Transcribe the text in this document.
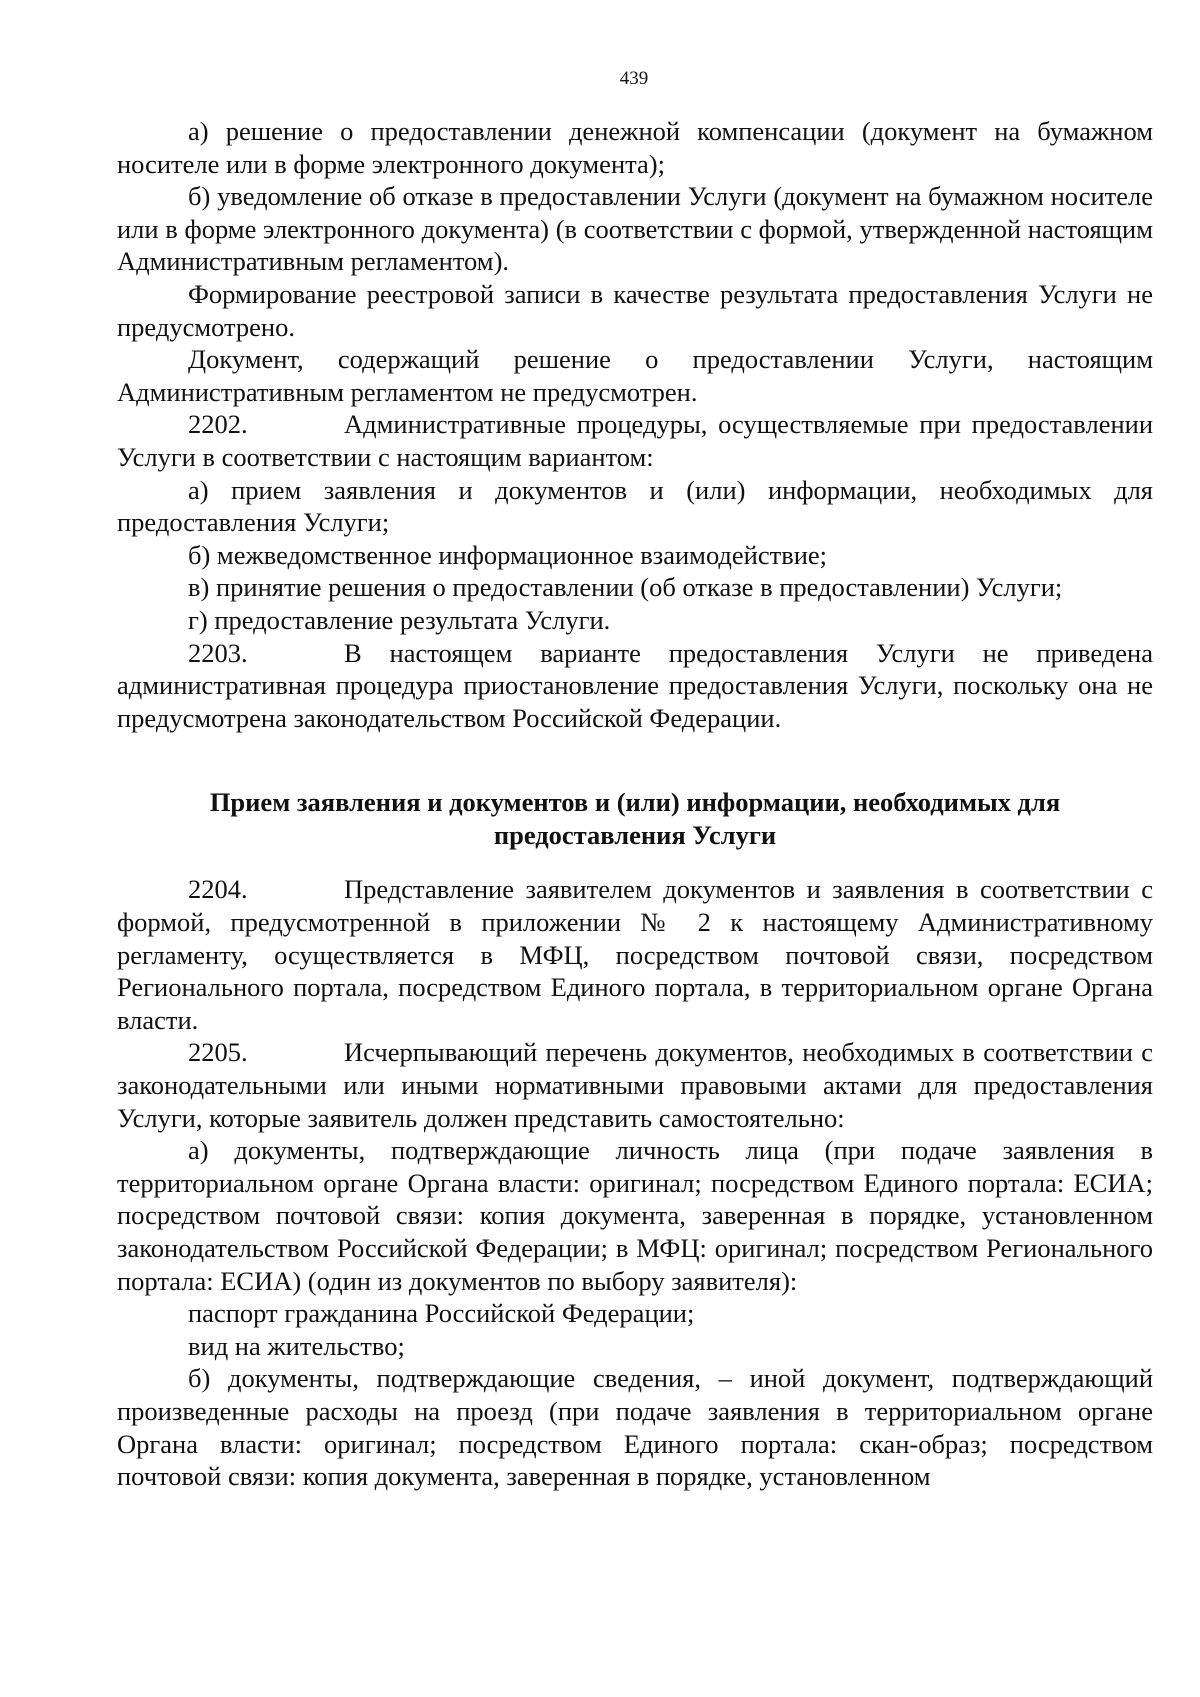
439

а) решение о предоставлении денежной компенсации (документ на бумажном носителе или в форме электронного документа);

б) уведомление об отказе в предоставлении Услуги (документ на бумажном носителе или в форме электронного документа) (в соответствии с формой, утвержденной настоящим Административным регламентом).

Формирование реестровой записи в качестве результата предоставления Услуги не предусмотрено.

Документ, содержащий решение о предоставлении Услуги, настоящим Административным регламентом не предусмотрен.

2202.	Административные процедуры, осуществляемые при предоставлении Услуги в соответствии с настоящим вариантом:

а) прием заявления и документов и (или) информации, необходимых для предоставления Услуги;

б) межведомственное информационное взаимодействие;

в) принятие решения о предоставлении (об отказе в предоставлении) Услуги;

г) предоставление результата Услуги.

2203.	В настоящем варианте предоставления Услуги не приведена административная процедура приостановление предоставления Услуги, поскольку она не предусмотрена законодательством Российской Федерации.

Прием заявления и документов и (или) информации, необходимых для предоставления Услуги

2204.	Представление заявителем документов и заявления в соответствии с формой, предусмотренной в приложении № 2 к настоящему Административному регламенту, осуществляется в МФЦ, посредством почтовой связи, посредством Регионального портала, посредством Единого портала, в территориальном органе Органа власти.

2205.	Исчерпывающий перечень документов, необходимых в соответствии с законодательными или иными нормативными правовыми актами для предоставления Услуги, которые заявитель должен представить самостоятельно:

а) документы, подтверждающие личность лица (при подаче заявления в территориальном органе Органа власти: оригинал; посредством Единого портала: ЕСИА; посредством почтовой связи: копия документа, заверенная в порядке, установленном законодательством Российской Федерации; в МФЦ: оригинал; посредством Регионального портала: ЕСИА) (один из документов по выбору заявителя):

паспорт гражданина Российской Федерации;

вид на жительство;

б) документы, подтверждающие сведения, – иной документ, подтверждающий произведенные расходы на проезд (при подаче заявления в территориальном органе Органа власти: оригинал; посредством Единого портала: скан-образ; посредством почтовой связи: копия документа, заверенная в порядке, установленном
